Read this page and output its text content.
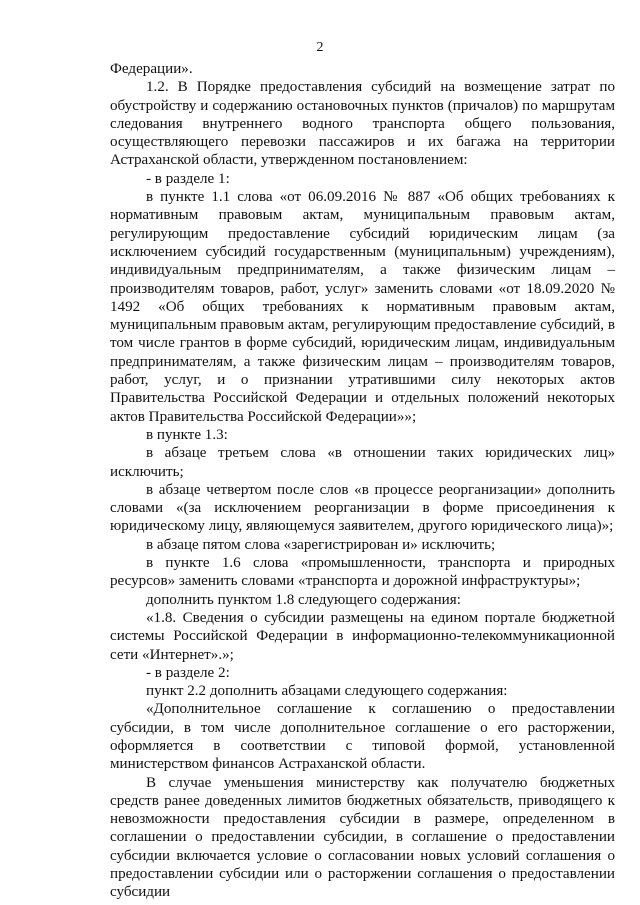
2

Федерации».

1.2. В Порядке предоставления субсидий на возмещение затрат по обустройству и содержанию остановочных пунктов (причалов) по маршрутам следования внутреннего водного транспорта общего пользования, осуществляющего перевозки пассажиров и их багажа на территории Астраханской области, утвержденном постановлением:

- в разделе 1:

в пункте 1.1 слова «от 06.09.2016 № 887 «Об общих требованиях к нормативным правовым актам, муниципальным правовым актам, регулирующим предоставление субсидий юридическим лицам (за исключением субсидий государственным (муниципальным) учреждениям), индивидуальным предпринимателям, а также физическим лицам – производителям товаров, работ, услуг» заменить словами «от 18.09.2020 № 1492 «Об общих требованиях к нормативным правовым актам, муниципальным правовым актам, регулирующим предоставление субсидий, в том числе грантов в форме субсидий, юридическим лицам, индивидуальным предпринимателям, а также физическим лицам – производителям товаров, работ, услуг, и о признании утратившими силу некоторых актов Правительства Российской Федерации и отдельных положений некоторых актов Правительства Российской Федерации»»;

в пункте 1.3:

в абзаце третьем слова «в отношении таких юридических лиц» исключить;

в абзаце четвертом после слов «в процессе реорганизации» дополнить словами «(за исключением реорганизации в форме присоединения к юридическому лицу, являющемуся заявителем, другого юридического лица)»;

в абзаце пятом слова «зарегистрирован и» исключить;

в пункте 1.6 слова «промышленности, транспорта и природных ресурсов» заменить словами «транспорта и дорожной инфраструктуры»;

дополнить пунктом 1.8 следующего содержания:

«1.8. Сведения о субсидии размещены на едином портале бюджетной системы Российской Федерации в информационно-телекоммуникационной сети «Интернет».»;

- в разделе 2:

пункт 2.2 дополнить абзацами следующего содержания:

«Дополнительное соглашение к соглашению о предоставлении субсидии, в том числе дополнительное соглашение о его расторжении, оформляется в соответствии с типовой формой, установленной министерством финансов Астраханской области.

В случае уменьшения министерству как получателю бюджетных средств ранее доведенных лимитов бюджетных обязательств, приводящего к невозможности предоставления субсидии в размере, определенном в соглашении о предоставлении субсидии, в соглашение о предоставлении субсидии включается условие о согласовании новых условий соглашения о предоставлении субсидии или о расторжении соглашения о предоставлении субсидии
